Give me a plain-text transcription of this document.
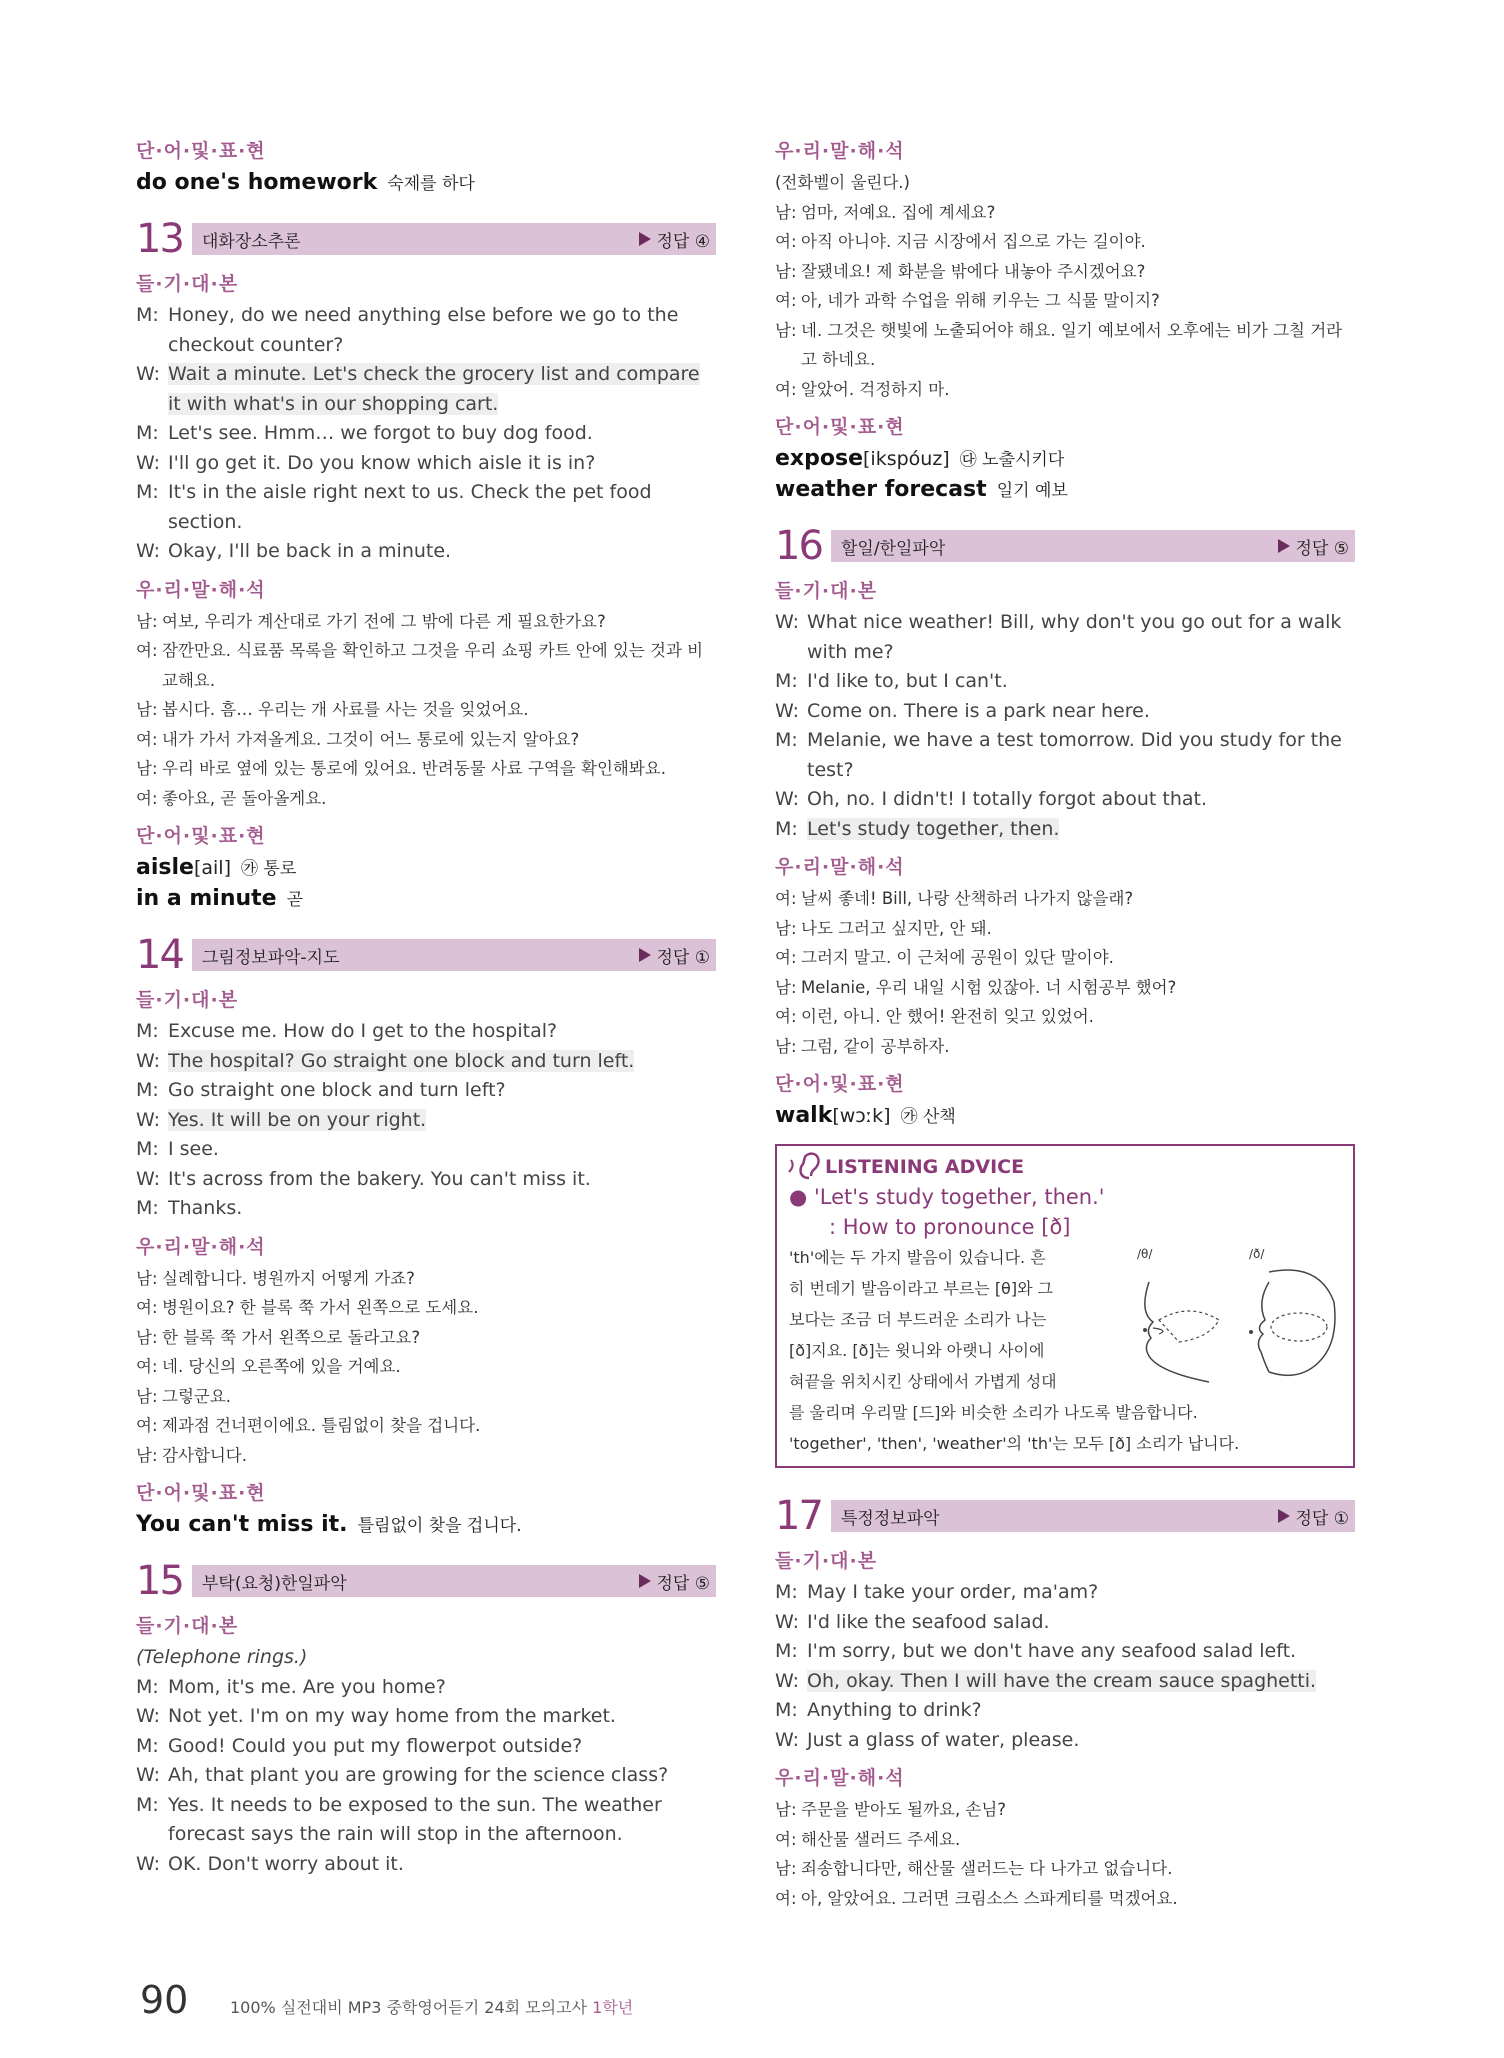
단·어·및·표·현
do one's homework 숙제를 하다
13	대화장소추론	정답 ④
들·기·대·본
M: Honey, do we need anything else before we go to the checkout counter?
W: Wait a minute. Let's check the grocery list and compare it with what's in our shopping cart.
M: Let's see. Hmm… we forgot to buy dog food.
W: I'll go get it. Do you know which aisle it is in?
M: It's in the aisle right next to us. Check the pet food section.
W: Okay, I'll be back in a minute.
우·리·말·해·석
남: 여보, 우리가 계산대로 가기 전에 그 밖에 다른 게 필요한가요?
여: 잠깐만요. 식료품 목록을 확인하고 그것을 우리 쇼핑 카트 안에 있는 것과 비교해요.
남: 봅시다. 흠… 우리는 개 사료를 사는 것을 잊었어요.
여: 내가 가서 가져올게요. 그것이 어느 통로에 있는지 알아요?
남: 우리 바로 옆에 있는 통로에 있어요. 반려동물 사료 구역을 확인해봐요.
여: 좋아요, 곧 돌아올게요.
단·어·및·표·현
aisle[ail] ㉮ 통로
in a minute 곧
14	그림정보파악-지도	정답 ①
들·기·대·본
M: Excuse me. How do I get to the hospital?
W: The hospital? Go straight one block and turn left.
M: Go straight one block and turn left?
W: Yes. It will be on your right.
M: I see.
W: It's across from the bakery. You can't miss it.
M: Thanks.
우·리·말·해·석
남: 실례합니다. 병원까지 어떻게 가죠?
여: 병원이요? 한 블록 쭉 가서 왼쪽으로 도세요.
남: 한 블록 쭉 가서 왼쪽으로 돌라고요?
여: 네. 당신의 오른쪽에 있을 거예요.
남: 그렇군요.
여: 제과점 건너편이에요. 틀림없이 찾을 겁니다.
남: 감사합니다.
단·어·및·표·현
You can't miss it. 틀림없이 찾을 겁니다.
15	부탁(요청)한일파악	정답 ⑤
들·기·대·본
(Telephone rings.)
M: Mom, it's me. Are you home?
W: Not yet. I'm on my way home from the market.
M: Good! Could you put my flowerpot outside?
W: Ah, that plant you are growing for the science class?
M: Yes. It needs to be exposed to the sun. The weather forecast says the rain will stop in the afternoon.
W: OK. Don't worry about it.
우·리·말·해·석
(전화벨이 울린다.)
남: 엄마, 저예요. 집에 계세요?
여: 아직 아니야. 지금 시장에서 집으로 가는 길이야.
남: 잘됐네요! 제 화분을 밖에다 내놓아 주시겠어요?
여: 아, 네가 과학 수업을 위해 키우는 그 식물 말이지?
남: 네. 그것은 햇빛에 노출되어야 해요. 일기 예보에서 오후에는 비가 그칠 거라고 하네요.
여: 알았어. 걱정하지 마.
단·어·및·표·현
expose[ikspóuz] ㉰ 노출시키다
weather forecast 일기 예보
16	할일/한일파악	정답 ⑤
들·기·대·본
W: What nice weather! Bill, why don't you go out for a walk with me?
M: I'd like to, but I can't.
W: Come on. There is a park near here.
M: Melanie, we have a test tomorrow. Did you study for the test?
W: Oh, no. I didn't! I totally forgot about that.
M: Let's study together, then.
우·리·말·해·석
여: 날씨 좋네! Bill, 나랑 산책하러 나가지 않을래?
남: 나도 그러고 싶지만, 안 돼.
여: 그러지 말고. 이 근처에 공원이 있단 말이야.
남: Melanie, 우리 내일 시험 있잖아. 너 시험공부 했어?
여: 이런, 아니. 안 했어! 완전히 잊고 있었어.
남: 그럼, 같이 공부하자.
단·어·및·표·현
walk[wɔːk] ㉮ 산책
LISTENING ADVICE
● 'Let's study together, then.'
: How to pronounce [ð]
'th'에는 두 가지 발음이 있습니다. 흔
히 번데기 발음이라고 부르는 [θ]와 그
보다는 조금 더 부드러운 소리가 나는
[ð]지요. [ð]는 윗니와 아랫니 사이에
혀끝을 위치시킨 상태에서 가볍게 성대
를 울리며 우리말 [드]와 비슷한 소리가 나도록 발음합니다.
'together', 'then', 'weather'의 'th'는 모두 [ð] 소리가 납니다.
/θ/	/ð/
17	특정정보파악	정답 ①
들·기·대·본
M: May I take your order, ma'am?
W: I'd like the seafood salad.
M: I'm sorry, but we don't have any seafood salad left.
W: Oh, okay. Then I will have the cream sauce spaghetti.
M: Anything to drink?
W: Just a glass of water, please.
우·리·말·해·석
남: 주문을 받아도 될까요, 손님?
여: 해산물 샐러드 주세요.
남: 죄송합니다만, 해산물 샐러드는 다 나가고 없습니다.
여: 아, 알았어요. 그러면 크림소스 스파게티를 먹겠어요.
90	100% 실전대비 MP3 중학영어듣기 24회 모의고사
1학년
